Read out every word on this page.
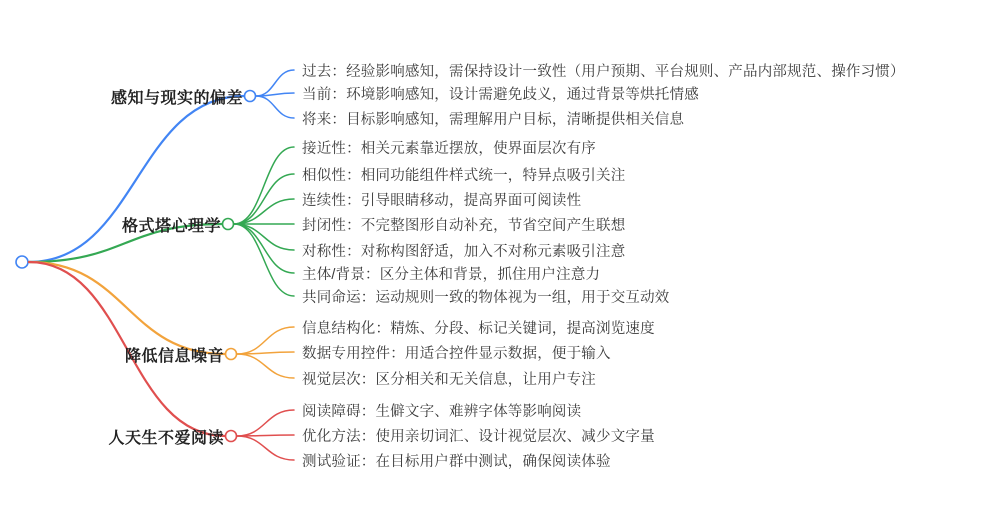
感知与现实的偏差
过去：经验影响感知，需保持设计一致性（用户预期、平台规则、产品内部规范、操作习惯）
当前：环境影响感知，设计需避免歧义，通过背景等烘托情感
将来：目标影响感知，需理解用户目标，清晰提供相关信息
格式塔心理学
接近性：相关元素靠近摆放，使界面层次有序
相似性：相同功能组件样式统一，特异点吸引关注
连续性：引导眼睛移动，提高界面可阅读性
封闭性：不完整图形自动补充，节省空间产生联想
对称性：对称构图舒适，加入不对称元素吸引注意
主体/背景：区分主体和背景，抓住用户注意力
共同命运：运动规则一致的物体视为一组，用于交互动效
降低信息噪音
信息结构化：精炼、分段、标记关键词，提高浏览速度
数据专用控件：用适合控件显示数据，便于输入
视觉层次：区分相关和无关信息，让用户专注
人天生不爱阅读
阅读障碍：生僻文字、难辨字体等影响阅读
优化方法：使用亲切词汇、设计视觉层次、减少文字量
测试验证：在目标用户群中测试，确保阅读体验
